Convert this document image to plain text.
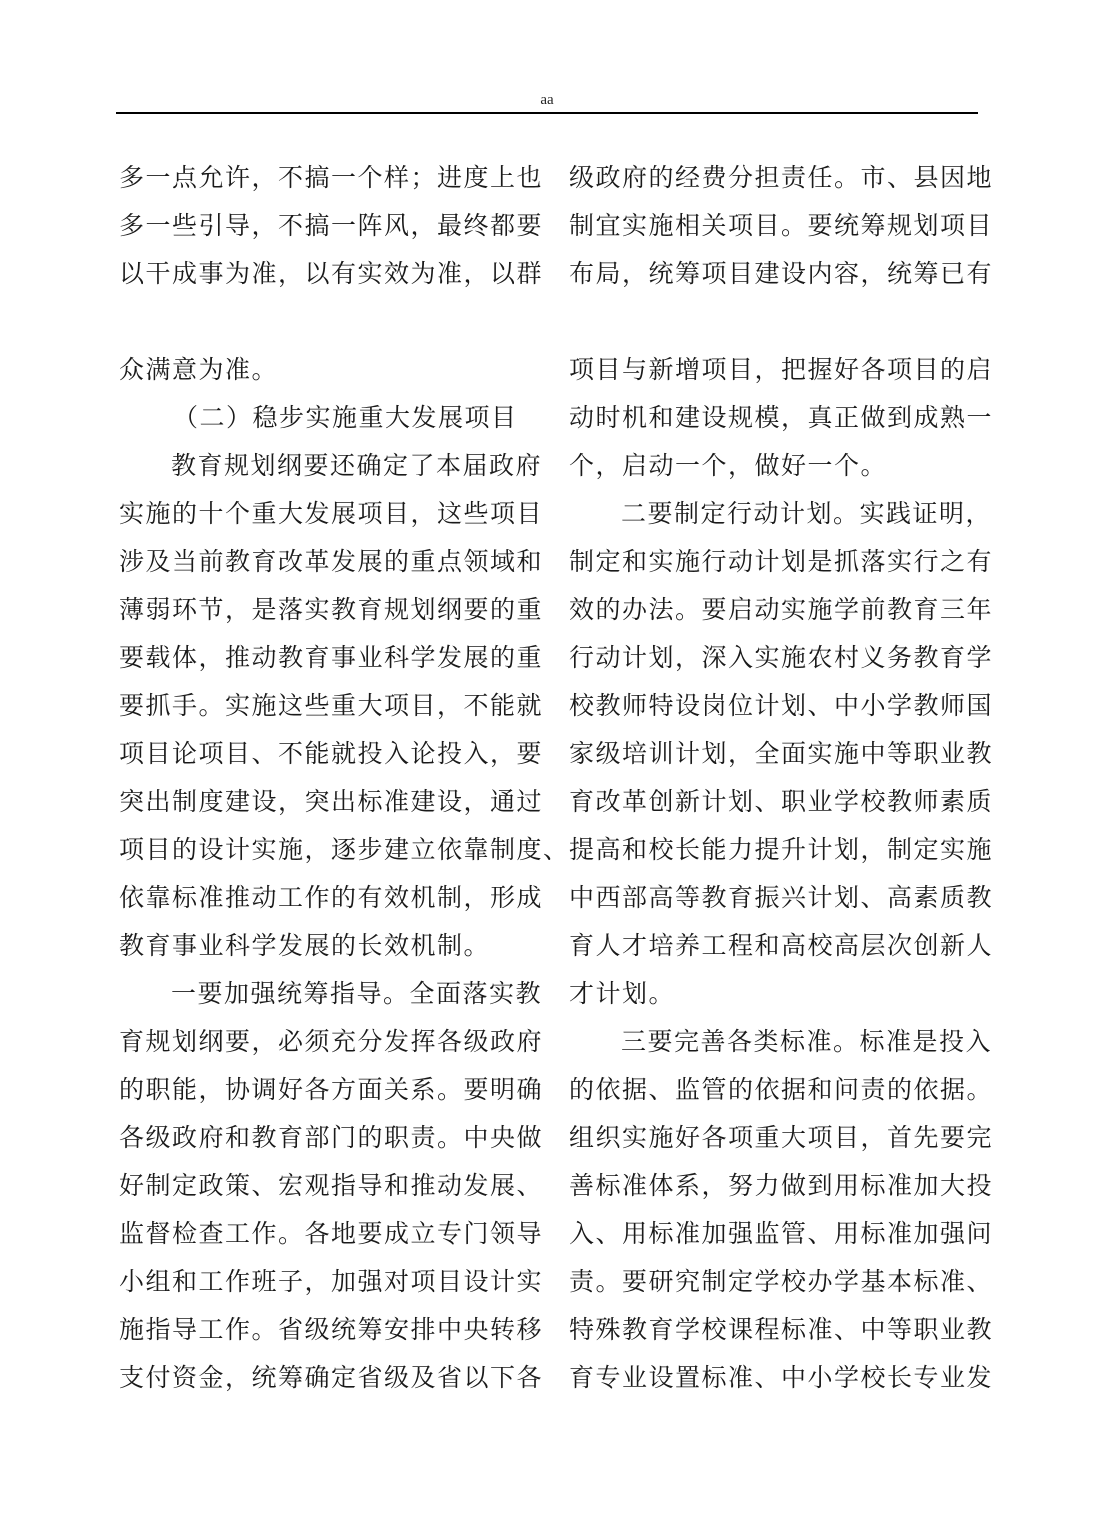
aa
多一点允许，不搞一个样；进度上也
多一些引导，不搞一阵风，最终都要
以干成事为准，以有实效为准，以群
众满意为准。
（二）稳步实施重大发展项目
教育规划纲要还确定了本届政府
实施的十个重大发展项目，这些项目
涉及当前教育改革发展的重点领域和
薄弱环节，是落实教育规划纲要的重
要载体，推动教育事业科学发展的重
要抓手。实施这些重大项目，不能就
项目论项目、不能就投入论投入，要
突出制度建设，突出标准建设，通过
项目的设计实施，逐步建立依靠制度、
依靠标准推动工作的有效机制，形成
教育事业科学发展的长效机制。
一要加强统筹指导。全面落实教
育规划纲要，必须充分发挥各级政府
的职能，协调好各方面关系。要明确
各级政府和教育部门的职责。中央做
好制定政策、宏观指导和推动发展、
监督检查工作。各地要成立专门领导
小组和工作班子，加强对项目设计实
施指导工作。省级统筹安排中央转移
支付资金，统筹确定省级及省以下各
级政府的经费分担责任。市、县因地
制宜实施相关项目。要统筹规划项目
布局，统筹项目建设内容，统筹已有
项目与新增项目，把握好各项目的启
动时机和建设规模，真正做到成熟一
个，启动一个，做好一个。
二要制定行动计划。实践证明，
制定和实施行动计划是抓落实行之有
效的办法。要启动实施学前教育三年
行动计划，深入实施农村义务教育学
校教师特设岗位计划、中小学教师国
家级培训计划，全面实施中等职业教
育改革创新计划、职业学校教师素质
提高和校长能力提升计划，制定实施
中西部高等教育振兴计划、高素质教
育人才培养工程和高校高层次创新人
才计划。
三要完善各类标准。标准是投入
的依据、监管的依据和问责的依据。
组织实施好各项重大项目，首先要完
善标准体系，努力做到用标准加大投
入、用标准加强监管、用标准加强问
责。要研究制定学校办学基本标准、
特殊教育学校课程标准、中等职业教
育专业设置标准、中小学校长专业发
